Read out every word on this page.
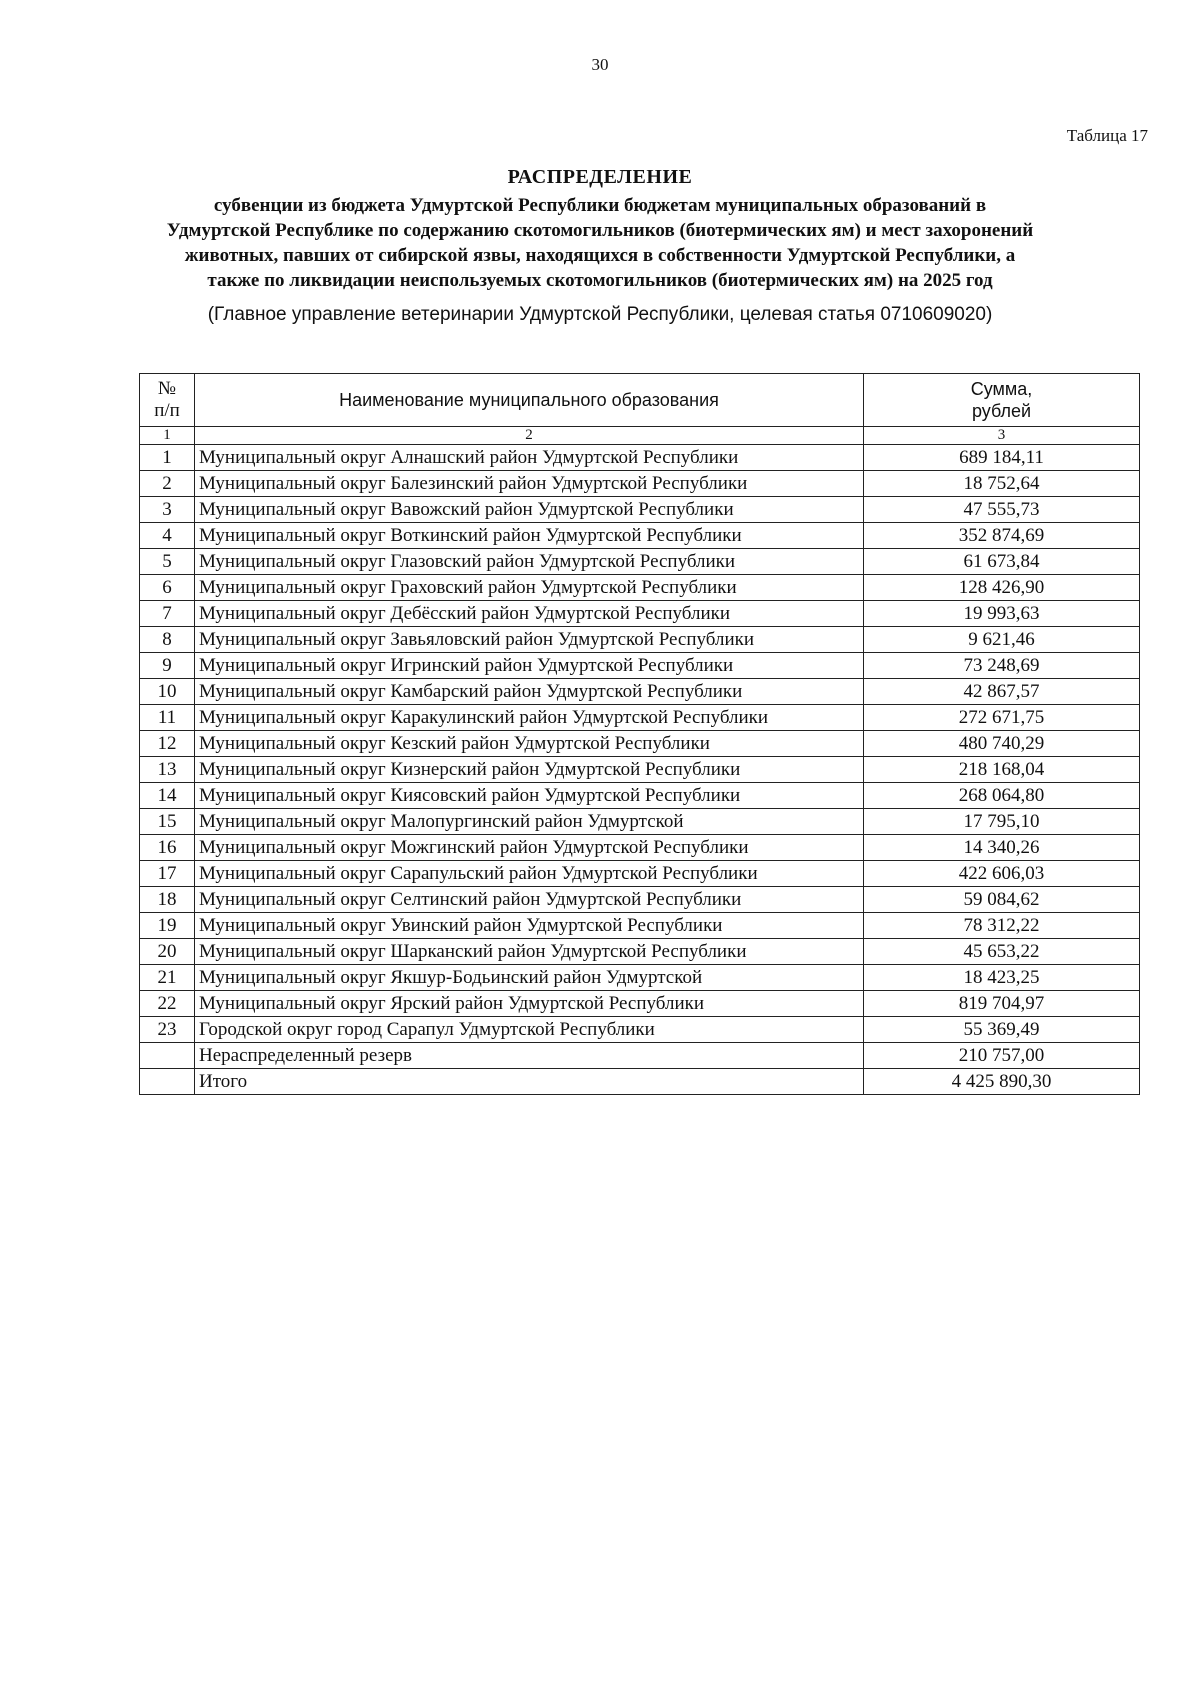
30
Таблица 17
РАСПРЕДЕЛЕНИЕ
субвенции из бюджета Удмуртской Республики бюджетам муниципальных образований в
Удмуртской Республике по содержанию скотомогильников (биотермических ям) и мест захоронений
животных, павших от сибирской язвы, находящихся в собственности Удмуртской Республики, а
также по ликвидации неиспользуемых скотомогильников (биотермических ям) на 2025 год
(Главное управление ветеринарии Удмуртской Республики, целевая статья 0710609020)
№
п/п	Наименование муниципального образования	Сумма,
рублей

1	2	3
1	Муниципальный округ Алнашский район Удмуртской Республики	689 184,11
2	Муниципальный округ Балезинский район Удмуртской Республики	18 752,64
3	Муниципальный округ Вавожский район Удмуртской Республики	47 555,73
4	Муниципальный округ Воткинский район Удмуртской Республики	352 874,69
5	Муниципальный округ Глазовский район Удмуртской Республики	61 673,84
6	Муниципальный округ Граховский район Удмуртской Республики	128 426,90
7	Муниципальный округ Дебёсский район Удмуртской Республики	19 993,63
8	Муниципальный округ Завьяловский район Удмуртской Республики	9 621,46
9	Муниципальный округ Игринский район Удмуртской Республики	73 248,69
10	Муниципальный округ Камбарский район Удмуртской Республики	42 867,57
11	Муниципальный округ Каракулинский район Удмуртской Республики	272 671,75
12	Муниципальный округ Кезский район Удмуртской Республики	480 740,29
13	Муниципальный округ Кизнерский район Удмуртской Республики	218 168,04
14	Муниципальный округ Киясовский район Удмуртской Республики	268 064,80
15	Муниципальный округ Малопургинский район Удмуртской	17 795,10
16	Муниципальный округ Можгинский район Удмуртской Республики	14 340,26
17	Муниципальный округ Сарапульский район Удмуртской Республики	422 606,03
18	Муниципальный округ Селтинский район Удмуртской Республики	59 084,62
19	Муниципальный округ Увинский район Удмуртской Республики	78 312,22
20	Муниципальный округ Шарканский район Удмуртской Республики	45 653,22
21	Муниципальный округ Якшур-Бодьинский район Удмуртской	18 423,25
22	Муниципальный округ Ярский район Удмуртской Республики	819 704,97
23	Городской округ город Сарапул Удмуртской Республики	55 369,49
	Нераспределенный резерв	210 757,00
	Итого	4 425 890,30
